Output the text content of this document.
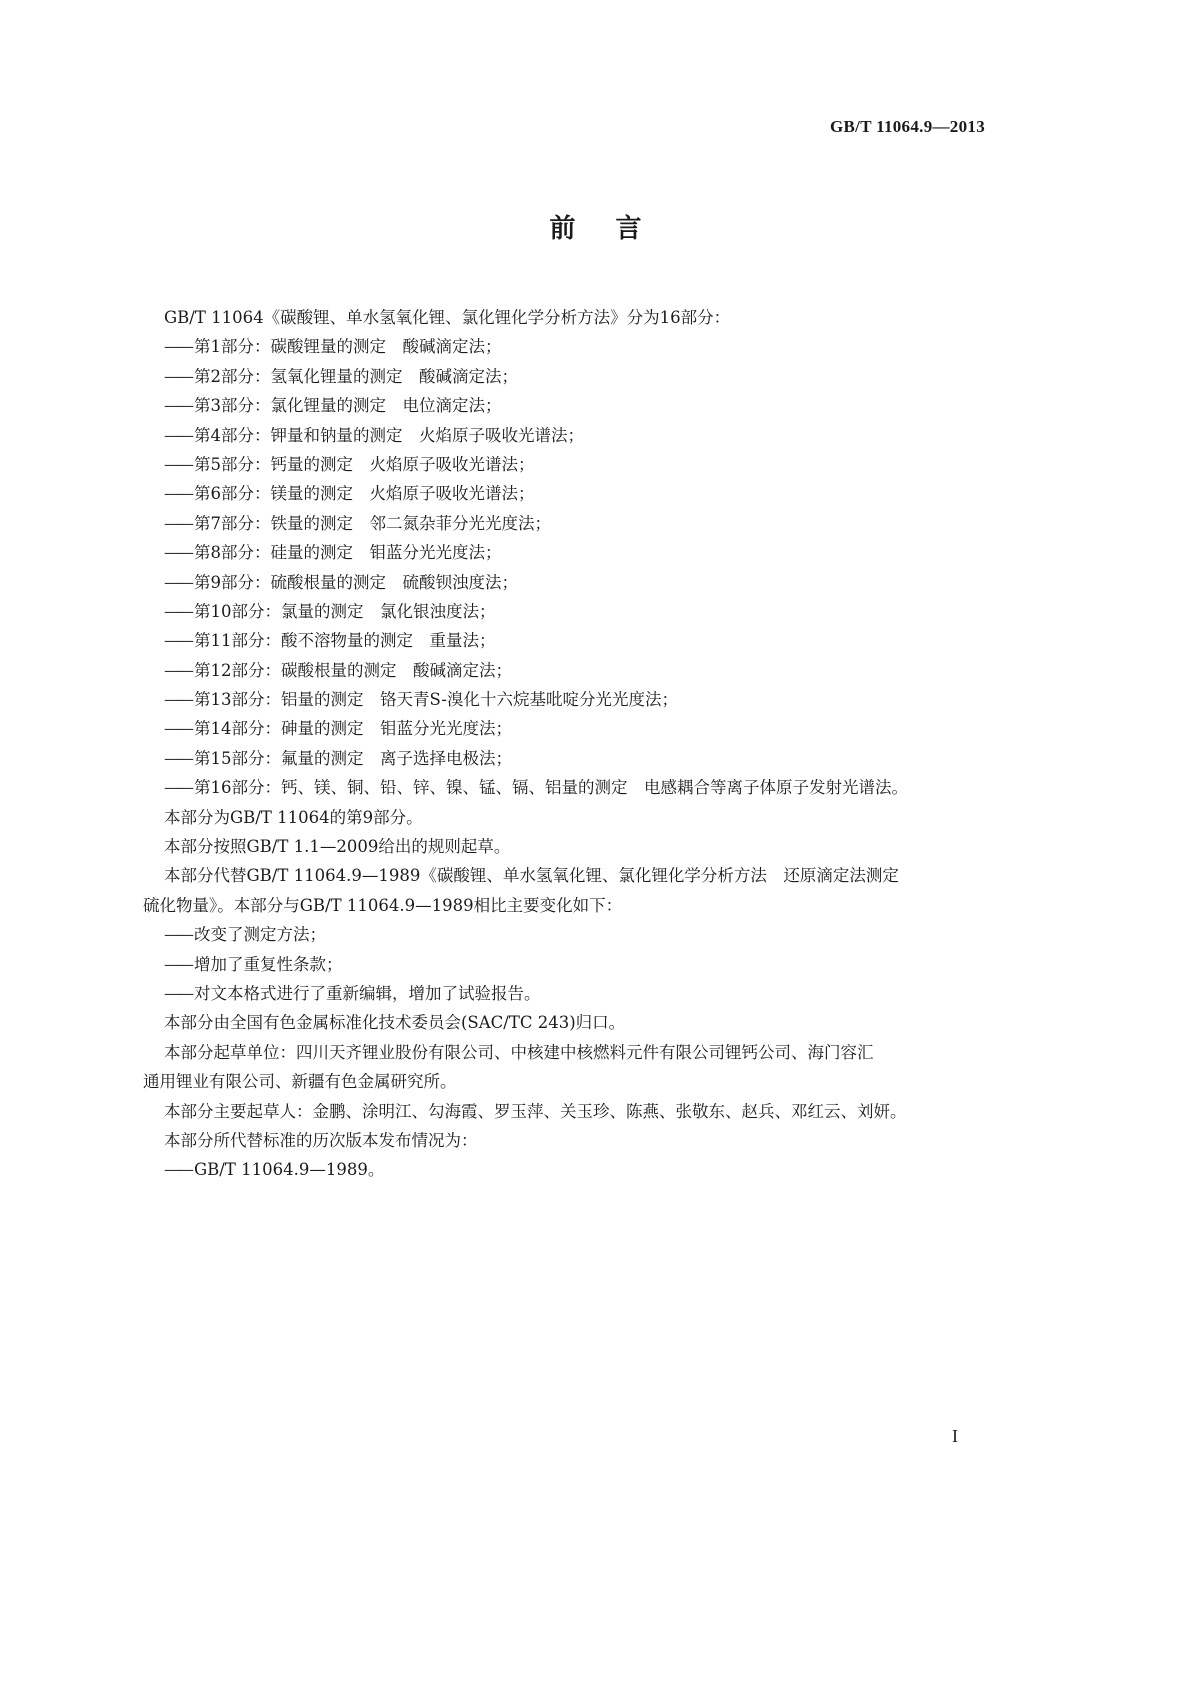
GB/T 11064.9—2013
前言
GB/T 11064《碳酸锂、单水氢氧化锂、氯化锂化学分析方法》分为16部分：
—— 第1部分：碳酸锂量的测定　酸碱滴定法；
—— 第2部分：氢氧化锂量的测定　酸碱滴定法；
—— 第3部分：氯化锂量的测定　电位滴定法；
—— 第4部分：钾量和钠量的测定　火焰原子吸收光谱法；
—— 第5部分：钙量的测定　火焰原子吸收光谱法；
—— 第6部分：镁量的测定　火焰原子吸收光谱法；
—— 第7部分：铁量的测定　邻二氮杂菲分光光度法；
—— 第8部分：硅量的测定　钼蓝分光光度法；
—— 第9部分：硫酸根量的测定　硫酸钡浊度法；
—— 第10部分：氯量的测定　氯化银浊度法；
—— 第11部分：酸不溶物量的测定　重量法；
—— 第12部分：碳酸根量的测定　酸碱滴定法；
—— 第13部分：铝量的测定　铬天青S-溴化十六烷基吡啶分光光度法；
—— 第14部分：砷量的测定　钼蓝分光光度法；
—— 第15部分：氟量的测定　离子选择电极法；
—— 第16部分：钙、镁、铜、铅、锌、镍、锰、镉、铝量的测定　电感耦合等离子体原子发射光谱法。
本部分为GB/T 11064的第9部分。
本部分按照GB/T 1.1—2009给出的规则起草。
本部分代替GB/T 11064.9—1989《碳酸锂、单水氢氧化锂、氯化锂化学分析方法　还原滴定法测定
硫化物量》。本部分与GB/T 11064.9—1989相比主要变化如下：
—— 改变了测定方法；
—— 增加了重复性条款；
—— 对文本格式进行了重新编辑，增加了试验报告。
本部分由全国有色金属标准化技术委员会(SAC/TC 243)归口。
本部分起草单位：四川天齐锂业股份有限公司、中核建中核燃料元件有限公司锂钙公司、海门容汇
通用锂业有限公司、新疆有色金属研究所。
本部分主要起草人：金鹏、涂明江、勾海霞、罗玉萍、关玉珍、陈燕、张敬东、赵兵、邓红云、刘妍。
本部分所代替标准的历次版本发布情况为：
—— GB/T 11064.9—1989。
I
